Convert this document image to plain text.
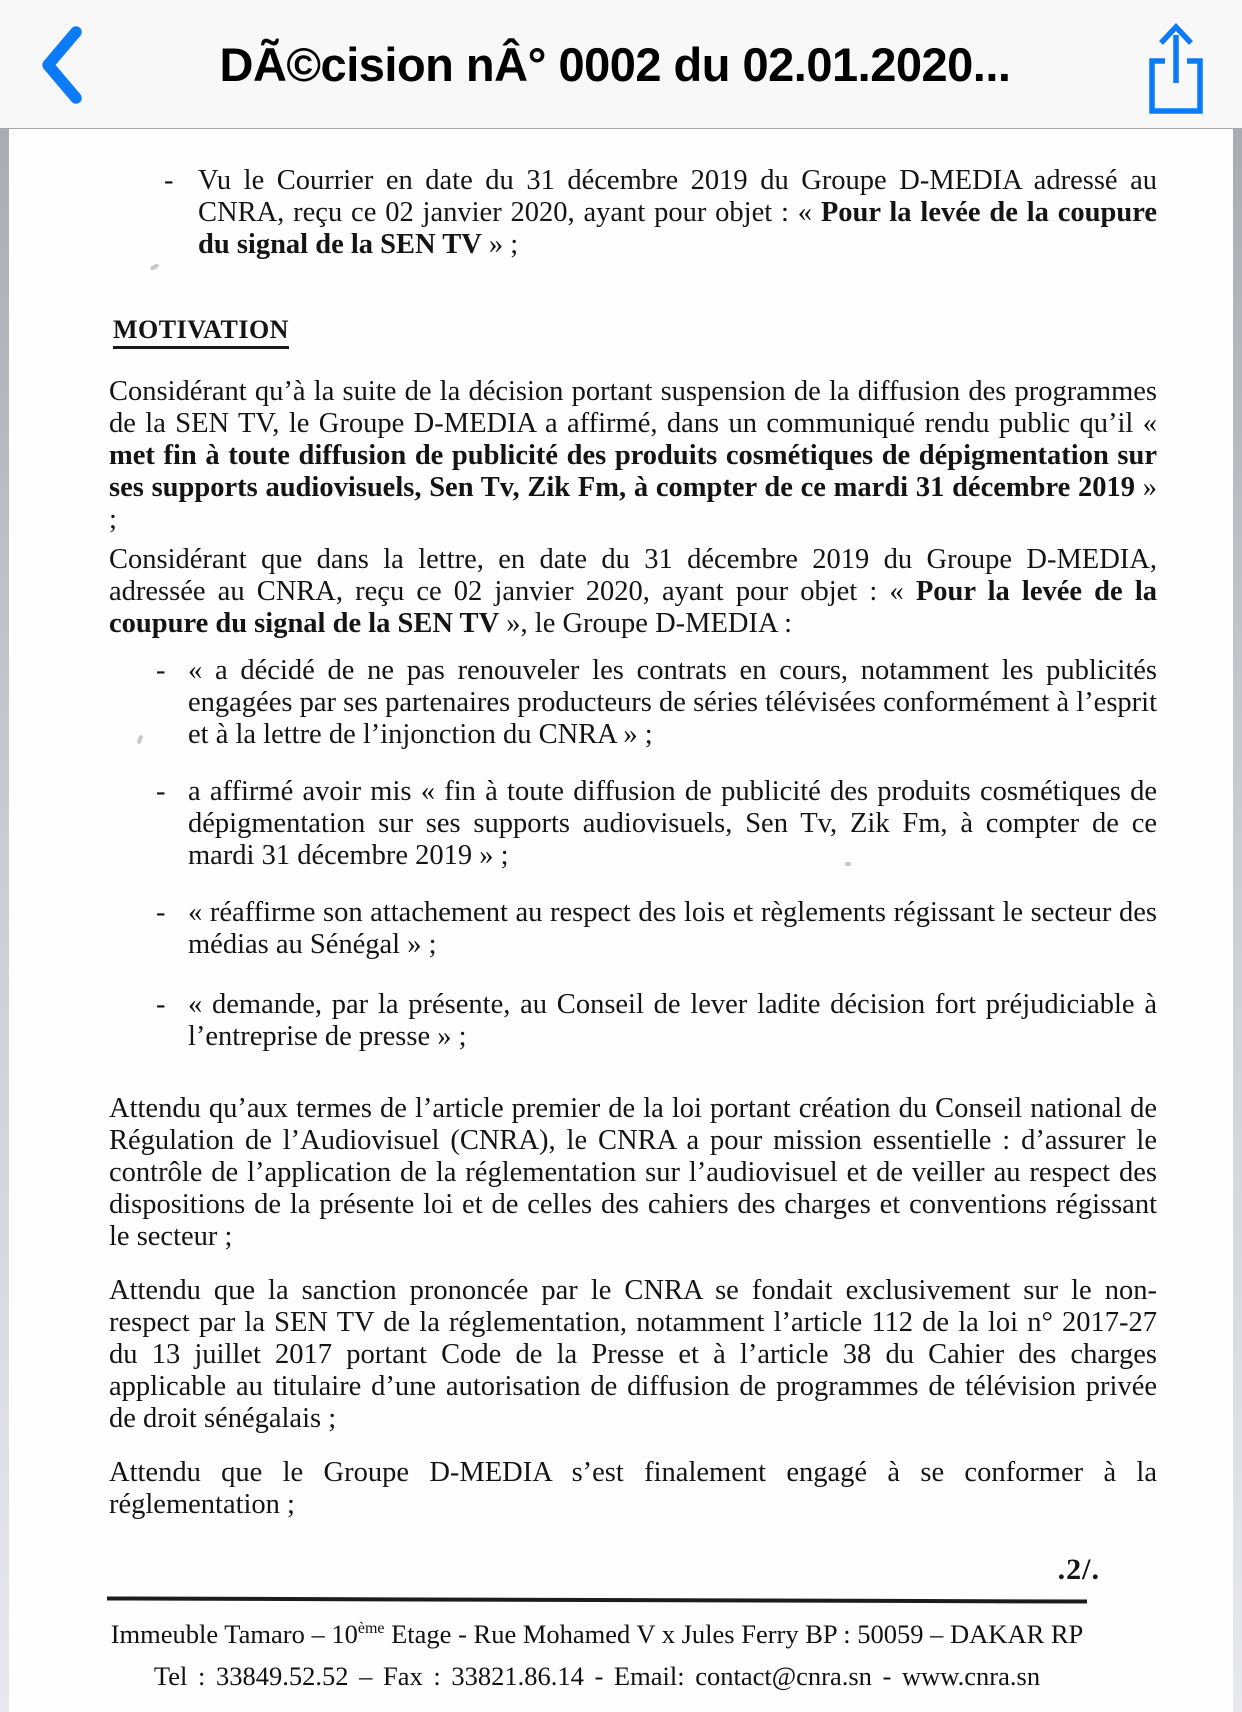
DÃ©cision nÂ° 0002 du 02.01.2020...
- Vu le Courrier en date du 31 décembre 2019 du Groupe D-MEDIA adressé au CNRA, reçu ce 02 janvier 2020, ayant pour objet : « Pour la levée de la coupure du signal de la SEN TV » ;

MOTIVATION

Considérant qu’à la suite de la décision portant suspension de la diffusion des programmes de la SEN TV, le Groupe D-MEDIA a affirmé, dans un communiqué rendu public qu’il « met fin à toute diffusion de publicité des produits cosmétiques de dépigmentation sur ses supports audiovisuels, Sen Tv, Zik Fm, à compter de ce mardi 31 décembre 2019 » ;

Considérant que dans la lettre, en date du 31 décembre 2019 du Groupe D-MEDIA, adressée au CNRA, reçu ce 02 janvier 2020, ayant pour objet : « Pour la levée de la coupure du signal de la SEN TV », le Groupe D-MEDIA :

- « a décidé de ne pas renouveler les contrats en cours, notamment les publicités engagées par ses partenaires producteurs de séries télévisées conformément à l’esprit et à la lettre de l’injonction du CNRA » ;

- a affirmé avoir mis « fin à toute diffusion de publicité des produits cosmétiques de dépigmentation sur ses supports audiovisuels, Sen Tv, Zik Fm, à compter de ce mardi 31 décembre 2019 » ;

- « réaffirme son attachement au respect des lois et règlements régissant le secteur des médias au Sénégal » ;

- « demande, par la présente, au Conseil de lever ladite décision fort préjudiciable à l’entreprise de presse » ;

Attendu qu’aux termes de l’article premier de la loi portant création du Conseil national de Régulation de l’Audiovisuel (CNRA), le CNRA a pour mission essentielle : d’assurer le contrôle de l’application de la réglementation sur l’audiovisuel et de veiller au respect des dispositions de la présente loi et de celles des cahiers des charges et conventions régissant le secteur ;

Attendu que la sanction prononcée par le CNRA se fondait exclusivement sur le non-respect par la SEN TV de la réglementation, notamment l’article 112 de la loi n° 2017-27 du 13 juillet 2017 portant Code de la Presse et à l’article 38 du Cahier des charges applicable au titulaire d’une autorisation de diffusion de programmes de télévision privée de droit sénégalais ;

Attendu que le Groupe D-MEDIA s’est finalement engagé à se conformer à la réglementation ;

.2/.

Immeuble Tamaro – 10ème Etage - Rue Mohamed V x Jules Ferry BP : 50059 – DAKAR RP

Tel : 33849.52.52 – Fax : 33821.86.14 - Email: contact@cnra.sn - www.cnra.sn
